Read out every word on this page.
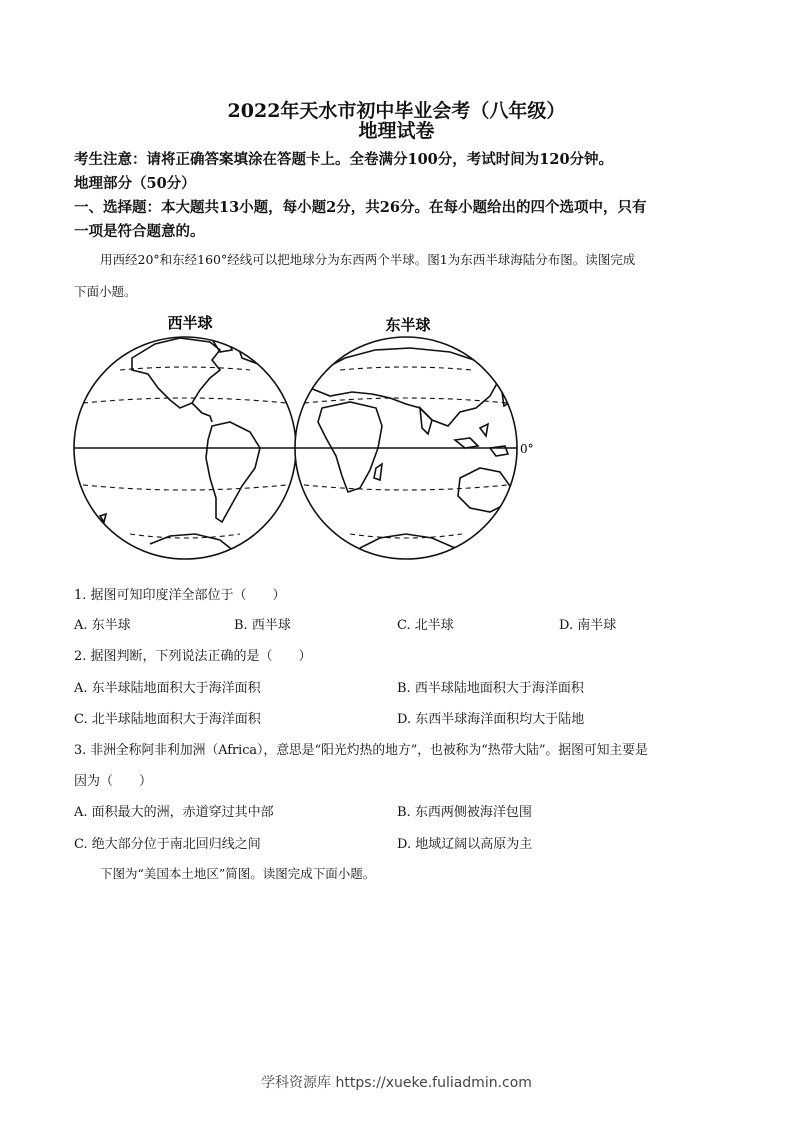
2022年天水市初中毕业会考（八年级）
地理试卷
考生注意：请将正确答案填涂在答题卡上。全卷满分100分，考试时间为120分钟。
地理部分（50分）
一、选择题：本大题共13小题，每小题2分，共26分。在每小题给出的四个选项中，只有
一项是符合题意的。
用西经20°和东经160°经线可以把地球分为东西两个半球。图1为东西半球海陆分布图。读图完成
下面小题。
西半球	东半球
0°
1. 据图可知印度洋全部位于（　　）
A. 东半球	B. 西半球	C. 北半球	D. 南半球
2. 据图判断，下列说法正确的是（　　）
A. 东半球陆地面积大于海洋面积	B. 西半球陆地面积大于海洋面积
C. 北半球陆地面积大于海洋面积	D. 东西半球海洋面积均大于陆地
3. 非洲全称阿非利加洲（Africa），意思是“阳光灼热的地方”，也被称为“热带大陆”。据图可知主要是
因为（　　）
A. 面积最大的洲，赤道穿过其中部	B. 东西两侧被海洋包围
C. 绝大部分位于南北回归线之间	D. 地域辽阔以高原为主
下图为“美国本土地区”简图。读图完成下面小题。
学科资源库 https://xueke.fuliadmin.com
